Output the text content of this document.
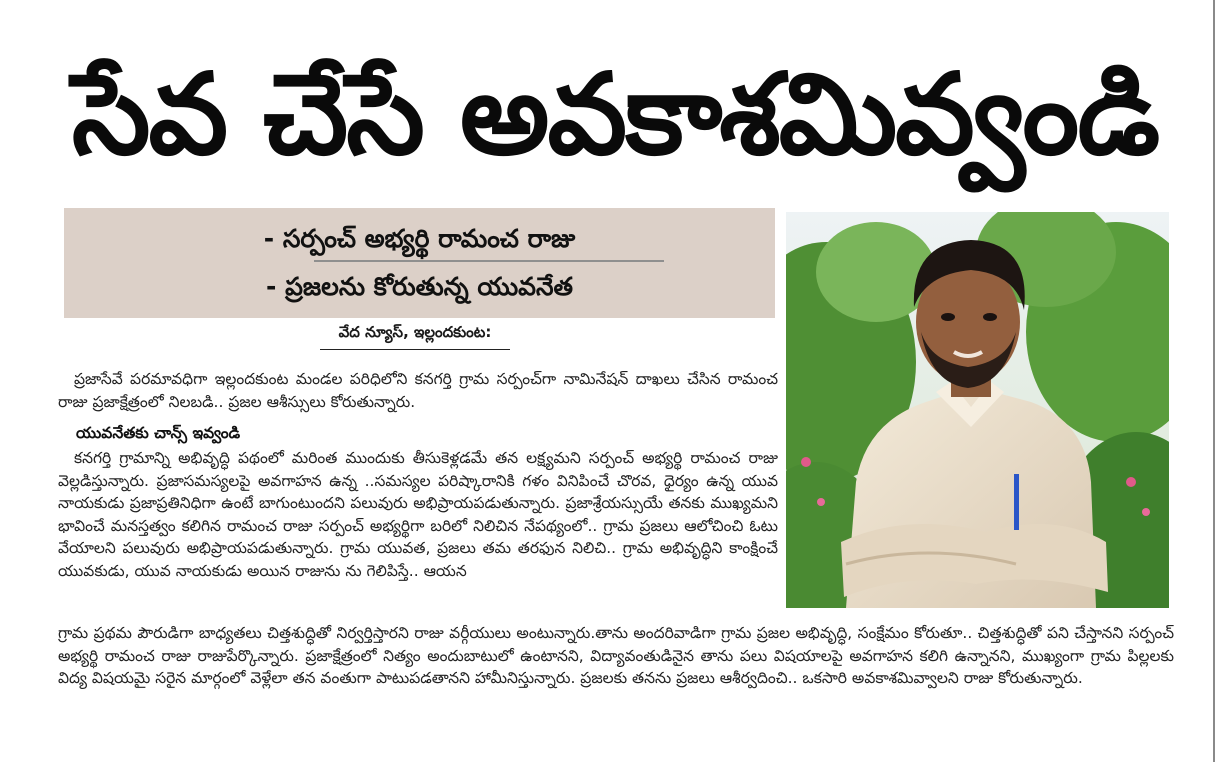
సేవ చేసే అవకాశమివ్వండి
- సర్పంచ్ అభ్యర్థి రామంచ రాజు
- ప్రజలను కోరుతున్న యువనేత
వేద న్యూస్, ఇల్లందకుంట:
ప్రజాసేవే పరమావధిగా ఇల్లందకుంట మండల పరిధిలోని కనగర్తి గ్రామ సర్పంచ్‌గా నామినేషన్ దాఖలు చేసిన రామంచ రాజు ప్రజాక్షేత్రంలో నిలబడి.. ప్రజల ఆశీస్సులు కోరుతున్నారు.
యువనేతకు చాన్స్ ఇవ్వండి
కనగర్తి గ్రామాన్ని అభివృద్ధి పథంలో మరింత ముందుకు తీసుకెళ్లడమే తన లక్ష్యమని సర్పంచ్ అభ్యర్థి రామంచ రాజు వెల్లడిస్తున్నారు. ప్రజాసమస్యలపై అవగాహన ఉన్న ..సమస్యల పరిష్కారానికి గళం వినిపించే చొరవ, ధైర్యం ఉన్న యువ నాయకుడు ప్రజాప్రతినిధిగా ఉంటే బాగుంటుందని పలువురు అభిప్రాయపడుతున్నారు. ప్రజాశ్రేయస్సుయే తనకు ముఖ్యమని భావించే మనస్తత్వం కలిగిన రామంచ రాజు సర్పంచ్ అభ్యర్థిగా బరిలో నిలిచిన నేపథ్యంలో.. గ్రామ ప్రజలు ఆలోచించి ఓటు వేయాలని పలువురు అభిప్రాయపడుతున్నారు. గ్రామ యువత, ప్రజలు తమ తరఫున నిలిచి.. గ్రామ అభివృద్ధిని కాంక్షించే యువకుడు, యువ నాయకుడు అయిన రాజును ను గెలిపిస్తే.. ఆయన
గ్రామ ప్రథమ పౌరుడిగా బాధ్యతలు చిత్తశుద్ధితో నిర్వర్తిస్తారని రాజు వర్గీయులు అంటున్నారు.తాను అందరివాడిగా గ్రామ ప్రజల అభివృద్ధి, సంక్షేమం కోరుతూ.. చిత్తశుద్ధితో పని చేస్తానని సర్పంచ్ అభ్యర్థి రామంచ రాజు రాజుపేర్కొన్నారు. ప్రజాక్షేత్రంలో నిత్యం అందుబాటులో ఉంటానని, విద్యావంతుడినైన తాను పలు విషయాలపై అవగాహన కలిగి ఉన్నానని, ముఖ్యంగా గ్రామ పిల్లలకు విద్య విషయమై సరైన మార్గంలో వెళ్లేలా తన వంతుగా పాటుపడతానని హామీనిస్తున్నారు. ప్రజలకు తనను ప్రజలు ఆశీర్వదించి.. ఒకసారి అవకాశమివ్వాలని రాజు కోరుతున్నారు.
